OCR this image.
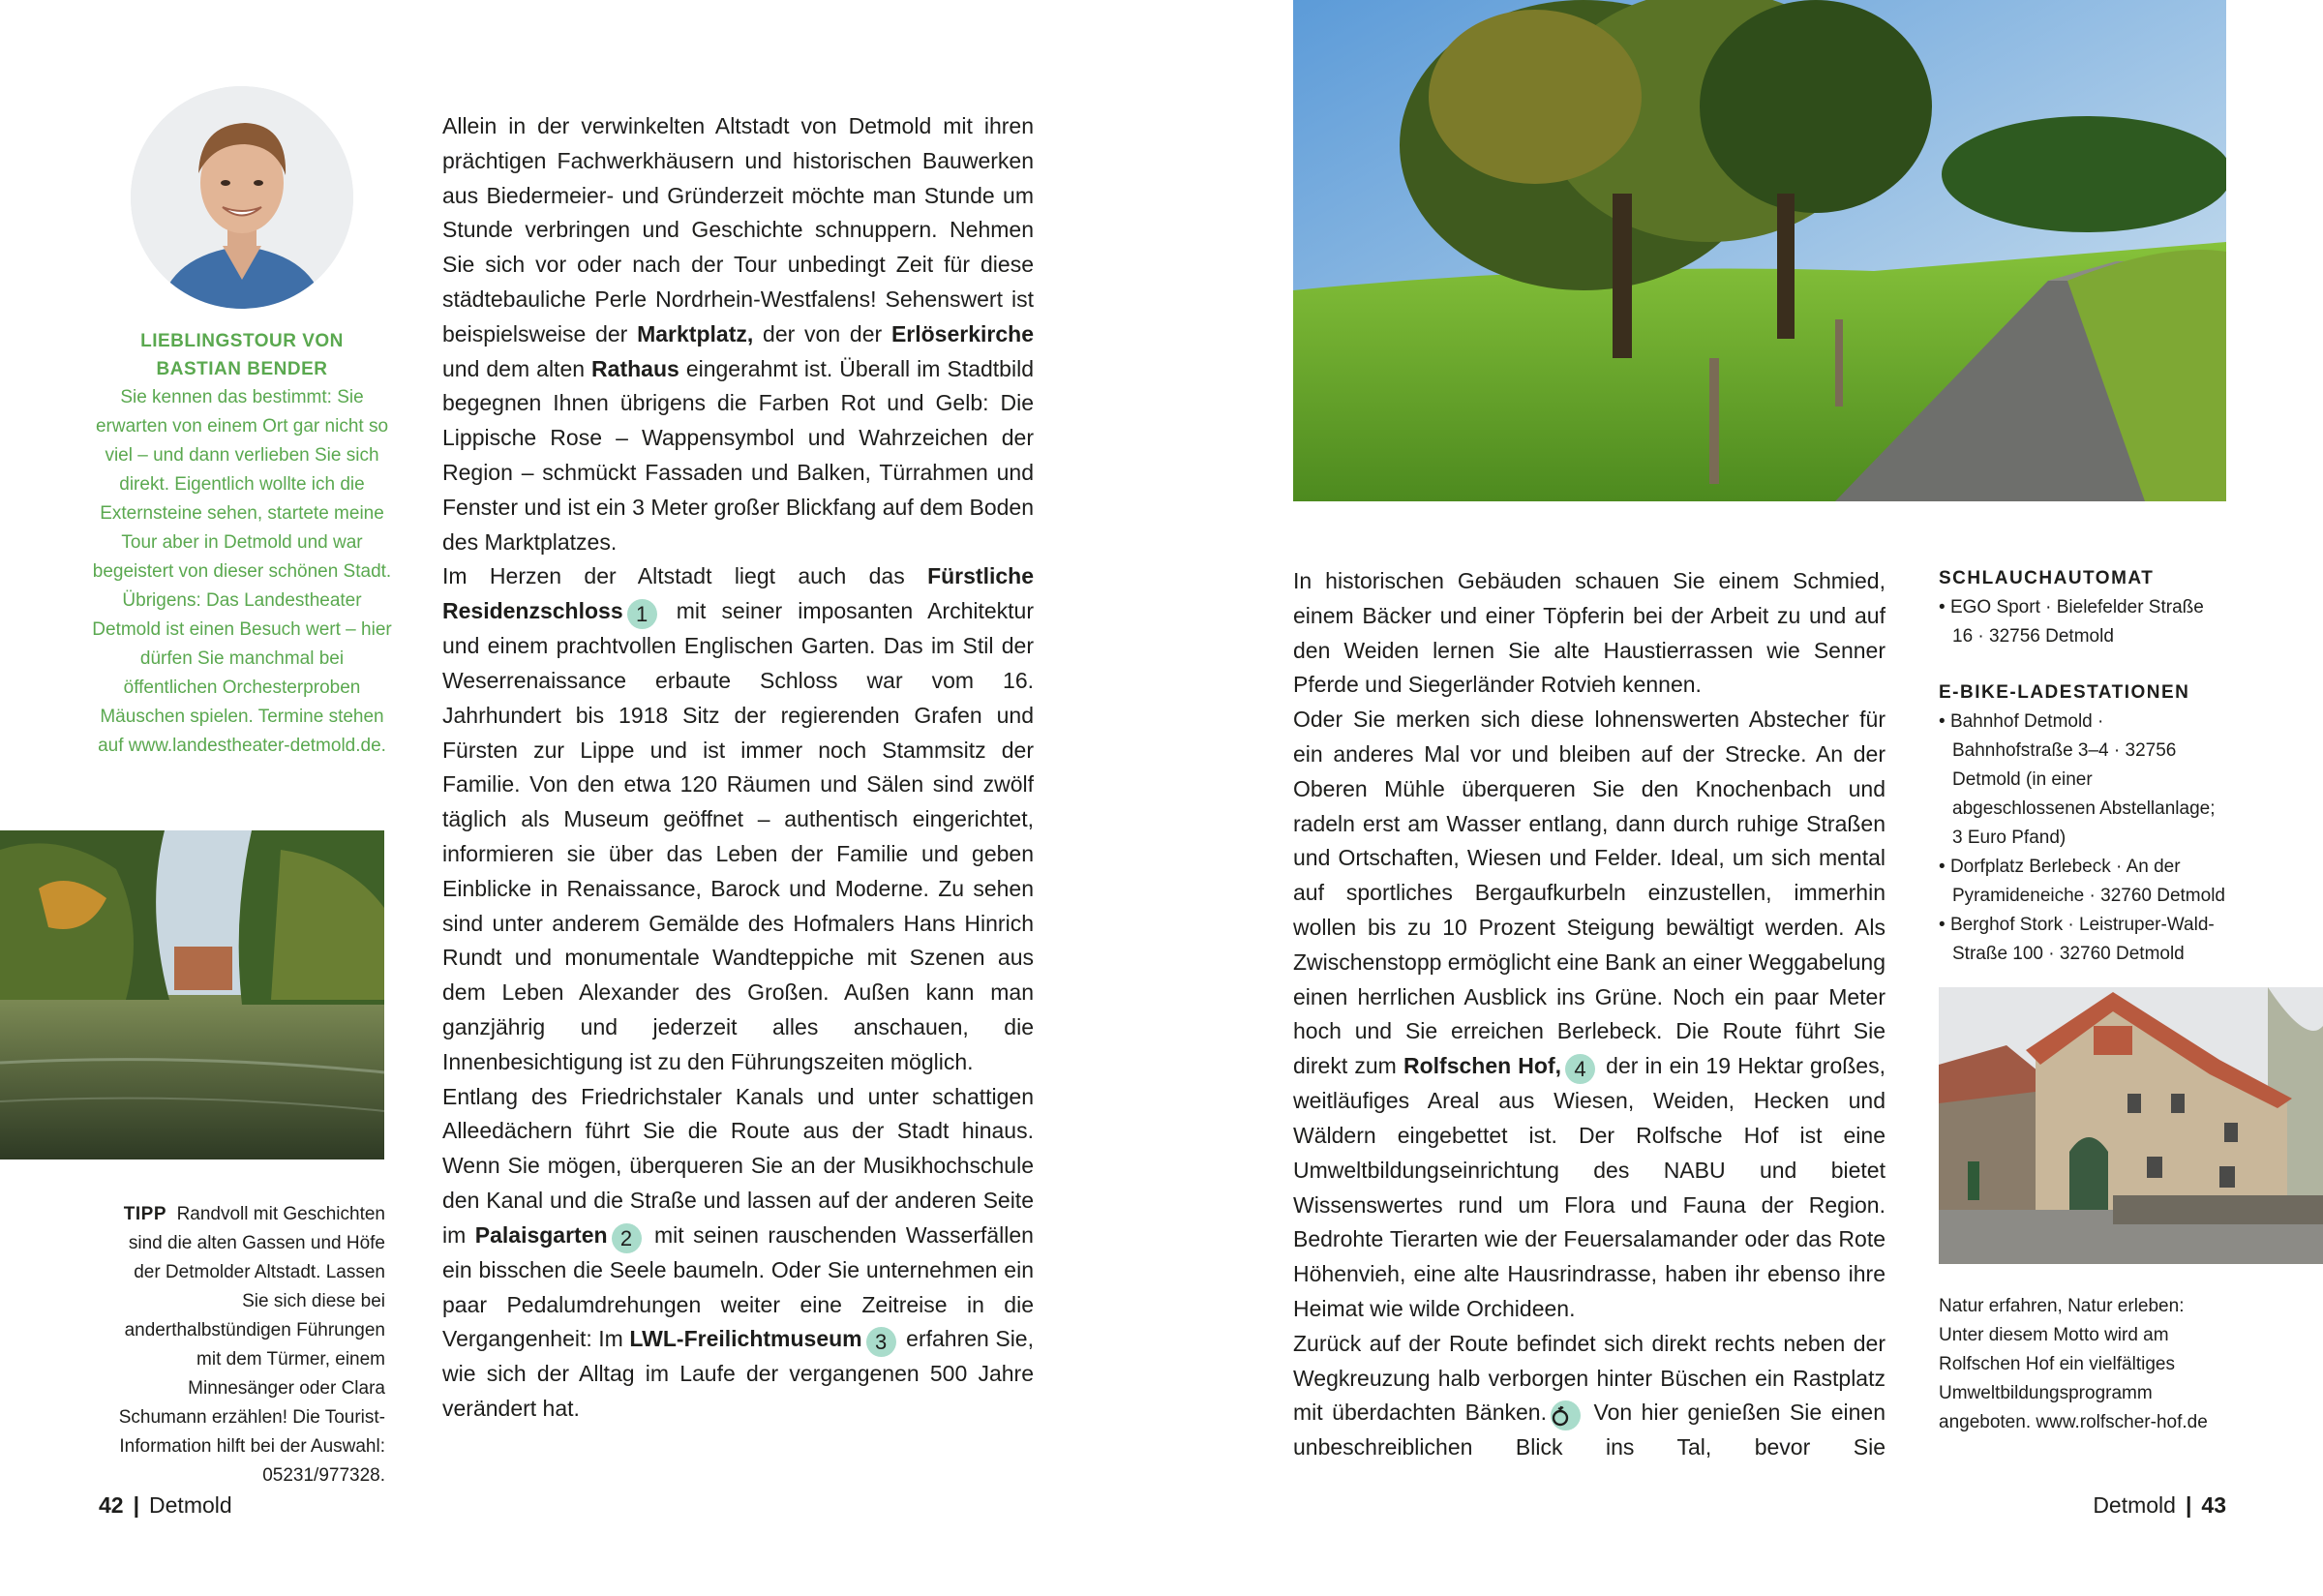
LIEBLINGSTOUR VON
BASTIAN BENDER
Sie kennen das bestimmt: Sie erwarten von einem Ort gar nicht so viel – und dann verlieben Sie sich direkt. Eigentlich wollte ich die Externsteine sehen, startete meine Tour aber in Detmold und war begeistert von dieser schönen Stadt. Übrigens: Das Landestheater Detmold ist einen Besuch wert – hier dürfen Sie manchmal bei öffentlichen Orchesterproben Mäuschen spielen. Termine stehen auf www.landestheater-detmold.de.
TIPP Randvoll mit Geschichten sind die alten Gassen und Höfe der Detmolder Altstadt. Lassen Sie sich diese bei anderthalbstündigen Führungen mit dem Türmer, einem Minnesänger oder Clara Schumann erzählen! Die Tourist-Information hilft bei der Auswahl: 05231/977328.
42 | Detmold

Allein in der verwinkelten Altstadt von Detmold mit ihren prächtigen Fachwerkhäusern und historischen Bauwerken aus Biedermeier- und Gründerzeit möchte man Stunde um Stunde verbringen und Geschichte schnuppern. Nehmen Sie sich vor oder nach der Tour unbedingt Zeit für diese städtebauliche Perle Nordrhein-Westfalens! Sehenswert ist beispielsweise der Marktplatz, der von der Erlöserkirche und dem alten Rathaus eingerahmt ist. Überall im Stadtbild begegnen Ihnen übrigens die Farben Rot und Gelb: Die Lippische Rose – Wappensymbol und Wahrzeichen der Region – schmückt Fassaden und Balken, Türrahmen und Fenster und ist ein 3 Meter großer Blickfang auf dem Boden des Marktplatzes.

Im Herzen der Altstadt liegt auch das Fürstliche Residenzschloss 1 mit seiner imposanten Architektur und einem prachtvollen Englischen Garten. Das im Stil der Weserrenaissance erbaute Schloss war vom 16. Jahrhundert bis 1918 Sitz der regierenden Grafen und Fürsten zur Lippe und ist immer noch Stammsitz der Familie. Von den etwa 120 Räumen und Sälen sind zwölf täglich als Museum geöffnet – authentisch eingerichtet, informieren sie über das Leben der Familie und geben Einblicke in Renaissance, Barock und Moderne. Zu sehen sind unter anderem Gemälde des Hofmalers Hans Hinrich Rundt und monumentale Wandteppiche mit Szenen aus dem Leben Alexander des Großen. Außen kann man ganzjährig und jederzeit alles anschauen, die Innenbesichtigung ist zu den Führungszeiten möglich.

Entlang des Friedrichstaler Kanals und unter schattigen Alleedächern führt Sie die Route aus der Stadt hinaus. Wenn Sie mögen, überqueren Sie an der Musikhochschule den Kanal und die Straße und lassen auf der anderen Seite im Palaisgarten 2 mit seinen rauschenden Wasserfällen ein bisschen die Seele baumeln. Oder Sie unternehmen ein paar Pedalumdrehungen weiter eine Zeitreise in die Vergangenheit: Im LWL-Freilichtmuseum 3 erfahren Sie, wie sich der Alltag im Laufe der vergangenen 500 Jahre verändert hat.

In historischen Gebäuden schauen Sie einem Schmied, einem Bäcker und einer Töpferin bei der Arbeit zu und auf den Weiden lernen Sie alte Haustierrassen wie Senner Pferde und Siegerländer Rotvieh kennen.

Oder Sie merken sich diese lohnenswerten Abstecher für ein anderes Mal vor und bleiben auf der Strecke. An der Oberen Mühle überqueren Sie den Knochenbach und radeln erst am Wasser entlang, dann durch ruhige Straßen und Ortschaften, Wiesen und Felder. Ideal, um sich mental auf sportliches Bergaufkurbeln einzustellen, immerhin wollen bis zu 10 Prozent Steigung bewältigt werden. Als Zwischenstopp ermöglicht eine Bank an einer Weggabelung einen herrlichen Ausblick ins Grüne. Noch ein paar Meter hoch und Sie erreichen Berlebeck. Die Route führt Sie direkt zum Rolfschen Hof, 4 der in ein 19 Hektar großes, weitläufiges Areal aus Wiesen, Weiden, Hecken und Wäldern eingebettet ist. Der Rolfsche Hof ist eine Umweltbildungseinrichtung des NABU und bietet Wissenswertes rund um Flora und Fauna der Region. Bedrohte Tierarten wie der Feuersalamander oder das Rote Höhenvieh, eine alte Hausrindrasse, haben ihr ebenso ihre Heimat wie wilde Orchideen.

Zurück auf der Route befindet sich direkt rechts neben der Wegkreuzung halb verborgen hinter Büschen ein Rastplatz mit überdachten Bänken. Von hier genießen Sie einen unbeschreiblichen Blick ins Tal, bevor Sie

SCHLAUCHAUTOMAT
• EGO Sport · Bielefelder Straße 16 · 32756 Detmold
E-BIKE-LADESTATIONEN
• Bahnhof Detmold · Bahnhofstraße 3–4 · 32756 Detmold (in einer abgeschlossenen Abstellanlage; 3 Euro Pfand)
• Dorfplatz Berlebeck · An der Pyramideneiche · 32760 Detmold
• Berghof Stork · Leistruper-Wald-Straße 100 · 32760 Detmold
Natur erfahren, Natur erleben: Unter diesem Motto wird am Rolfschen Hof ein vielfältiges Umweltbildungsprogramm angeboten. www.rolfscher-hof.de
Detmold | 43
